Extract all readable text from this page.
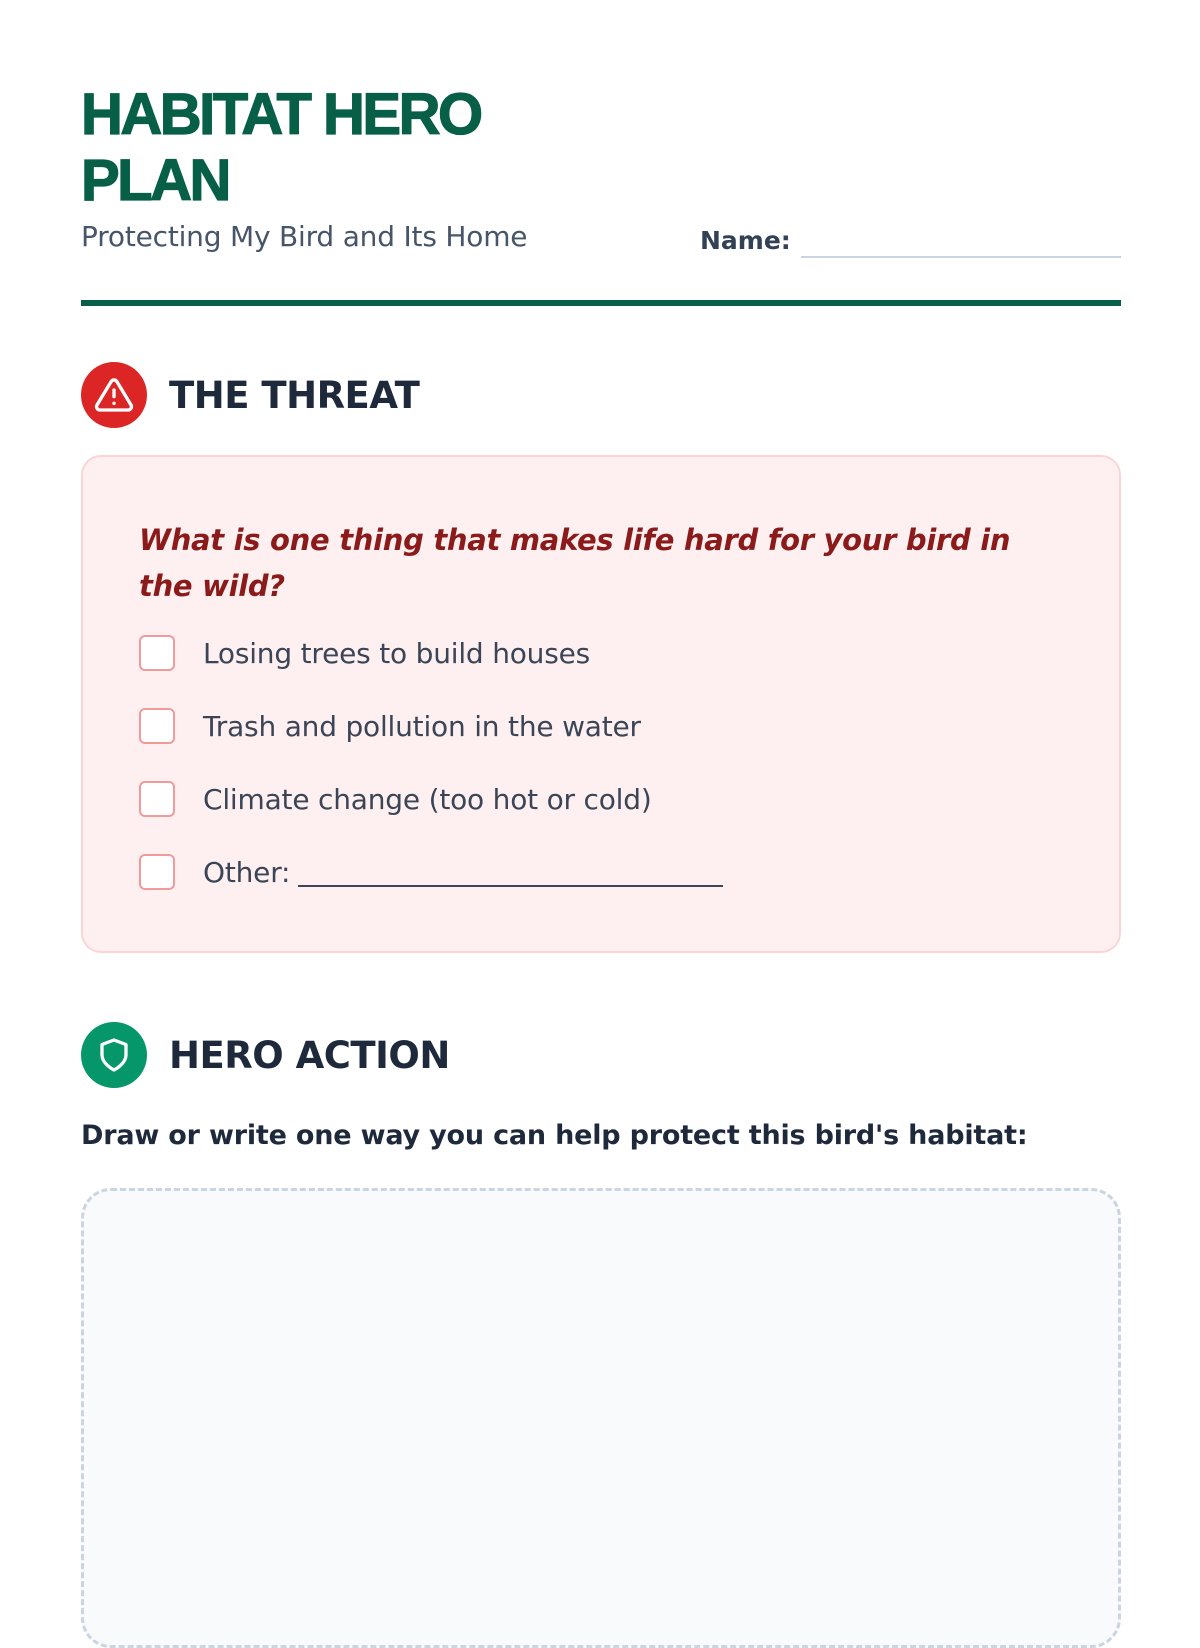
HABITAT HERO PLAN
Protecting My Bird and Its Home	Name:
THE THREAT

What is one thing that makes life hard for your bird in the wild?

Losing trees to build houses
Trash and pollution in the water
Climate change (too hot or cold)
Other:
HERO ACTION
Draw or write one way you can help protect this bird's habitat:
